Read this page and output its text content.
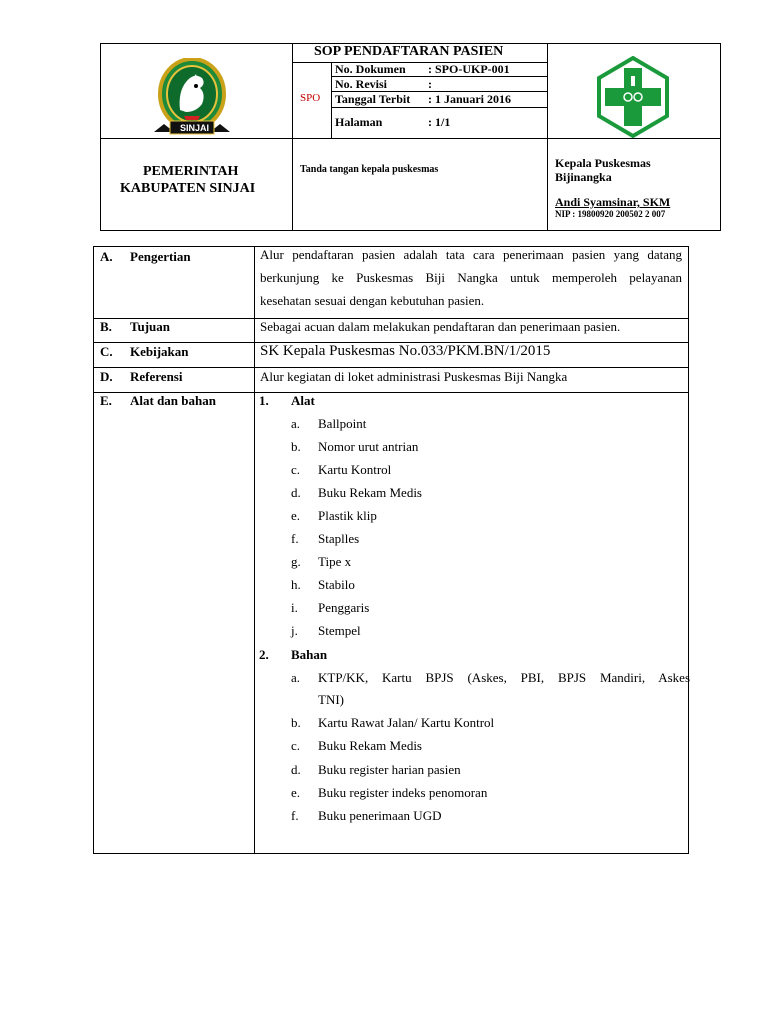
SINJAI
SOP PENDAFTARAN PASIEN
SPO
No. Dokumen : SPO-UKP-001
No. Revisi	:
Tanggal Terbit : 1 Januari 2016
Halaman	: 1/1
PEMERINTAH
KABUPATEN SINJAI
Tanda tangan kepala puskesmas	Kepala Puskesmas
Bijinangka
Andi Syamsinar, SKM
NIP : 19800920 200502 2 007
A. Pengertian	Alur pendaftaran pasien adalah tata cara penerimaan pasien yang datang
berkunjung ke Puskesmas Biji Nangka untuk memperoleh pelayanan
kesehatan sesuai dengan kebutuhan pasien.
B. Tujuan	Sebagai acuan dalam melakukan pendaftaran dan penerimaan pasien.
C. Kebijakan	SK Kepala Puskesmas No.033/PKM.BN/1/2015
D. Referensi	Alur kegiatan di loket administrasi Puskesmas Biji Nangka
E. Alat dan bahan	1. Alat
a. Ballpoint
b. Nomor urut antrian
c. Kartu Kontrol
d. Buku Rekam Medis
e. Plastik klip
f. Staplles
g. Tipe x
h. Stabilo
i. Penggaris
j. Stempel
2. Bahan
a. KTP/KK, Kartu BPJS (Askes, PBI, BPJS Mandiri, Askes
TNI)
b. Kartu Rawat Jalan/ Kartu Kontrol
c. Buku Rekam Medis
d. Buku register harian pasien
e. Buku register indeks penomoran
f. Buku penerimaan UGD
